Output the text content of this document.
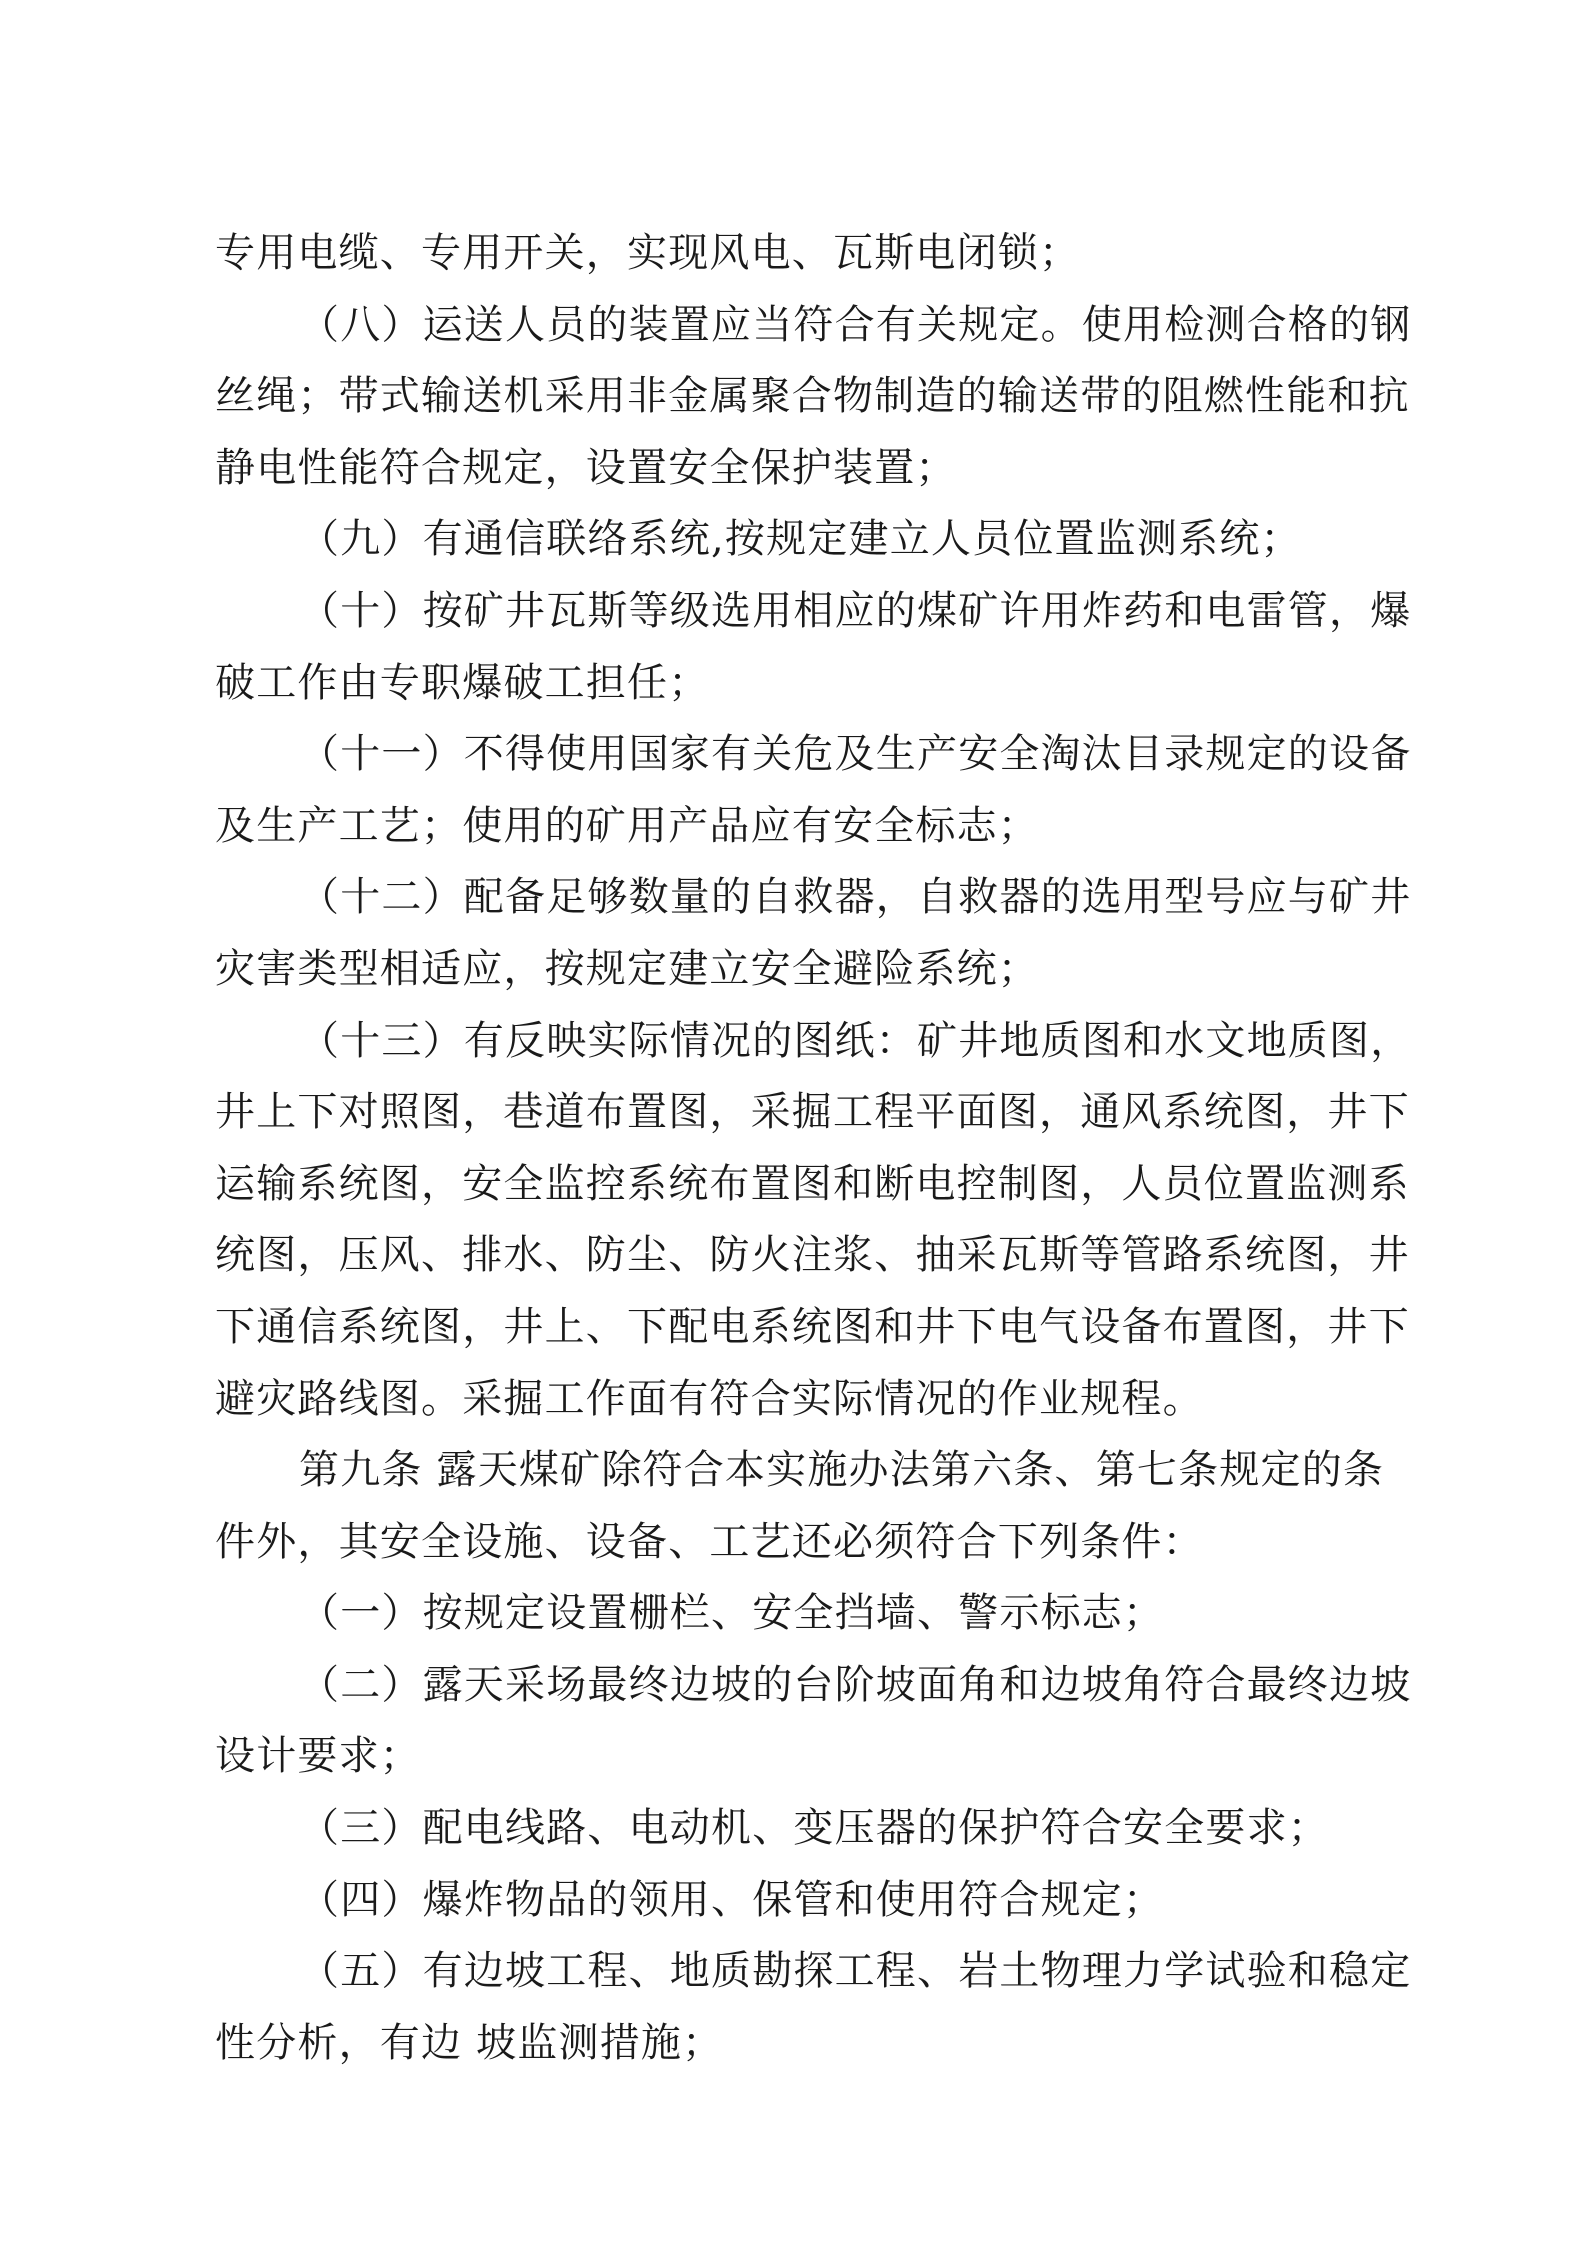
专用电缆、专用开关，实现风电、瓦斯电闭锁；
（八）运送人员的装置应当符合有关规定。使用检测合格的钢
丝绳；带式输送机采用非金属聚合物制造的输送带的阻燃性能和抗
静电性能符合规定，设置安全保护装置；
（九）有通信联络系统,按规定建立人员位置监测系统；
（十）按矿井瓦斯等级选用相应的煤矿许用炸药和电雷管，爆
破工作由专职爆破工担任；
（十一）不得使用国家有关危及生产安全淘汰目录规定的设备
及生产工艺；使用的矿用产品应有安全标志；
（十二）配备足够数量的自救器，自救器的选用型号应与矿井
灾害类型相适应，按规定建立安全避险系统；
（十三）有反映实际情况的图纸：矿井地质图和水文地质图，
井上下对照图，巷道布置图，采掘工程平面图，通风系统图，井下
运输系统图，安全监控系统布置图和断电控制图，人员位置监测系
统图，压风、排水、防尘、防火注浆、抽采瓦斯等管路系统图，井
下通信系统图，井上、下配电系统图和井下电气设备布置图，井下
避灾路线图。采掘工作面有符合实际情况的作业规程。
第九条 露天煤矿除符合本实施办法第六条、第七条规定的条
件外，其安全设施、设备、工艺还必须符合下列条件：
（一）按规定设置栅栏、安全挡墙、警示标志；
（二）露天采场最终边坡的台阶坡面角和边坡角符合最终边坡
设计要求；
（三）配电线路、电动机、变压器的保护符合安全要求；
（四）爆炸物品的领用、保管和使用符合规定；
（五）有边坡工程、地质勘探工程、岩土物理力学试验和稳定
性分析，有边 坡监测措施；
